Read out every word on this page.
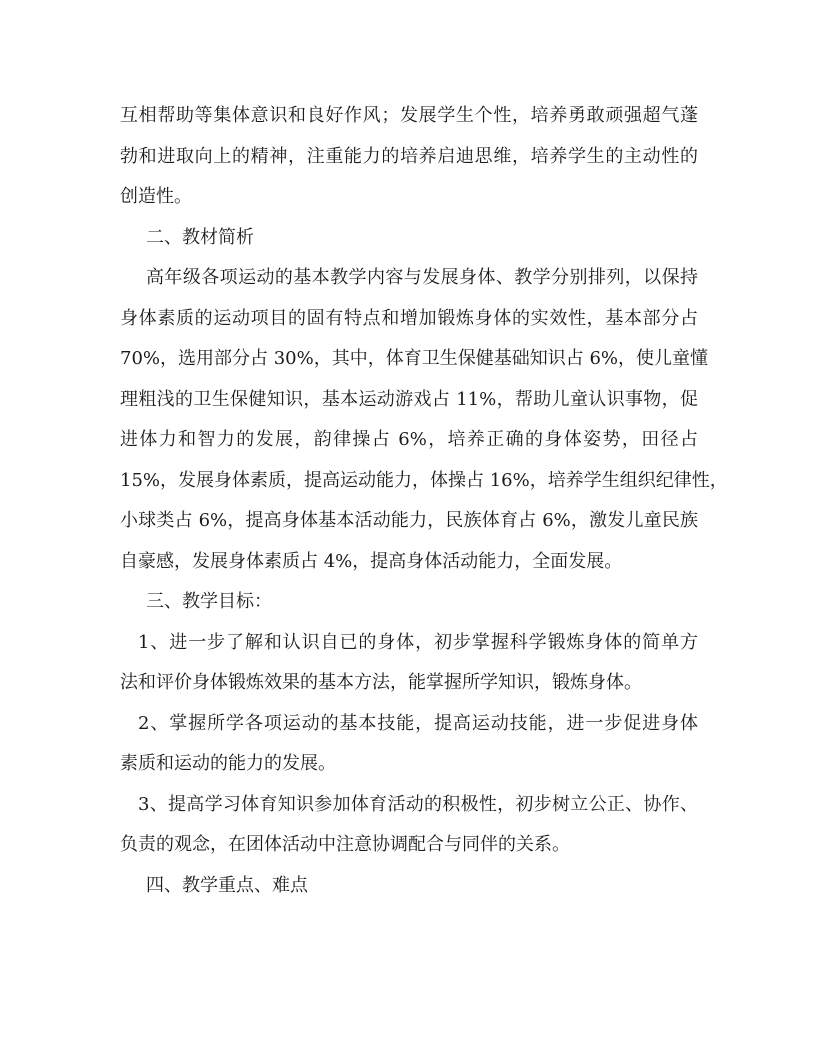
互相帮助等集体意识和良好作风；发展学生个性，培养勇敢顽强超气蓬
勃和进取向上的精神，注重能力的培养启迪思维，培养学生的主动性的
创造性。
二、教材简析
高年级各项运动的基本教学内容与发展身体、教学分别排列，以保持
身体素质的运动项目的固有特点和增加锻炼身体的实效性，基本部分占
70%，选用部分占 30%，其中，体育卫生保健基础知识占 6%，使儿童懂
理粗浅的卫生保健知识，基本运动游戏占 11%，帮助儿童认识事物，促
进体力和智力的发展，韵律操占 6%，培养正确的身体姿势，田径占
15%，发展身体素质，提高运动能力，体操占 16%，培养学生组织纪律性，
小球类占 6%，提高身体基本活动能力，民族体育占 6%，激发儿童民族
自豪感，发展身体素质占 4%，提高身体活动能力，全面发展。
三、教学目标：
1、进一步了解和认识自已的身体，初步掌握科学锻炼身体的简单方
法和评价身体锻炼效果的基本方法，能掌握所学知识，锻炼身体。
2、掌握所学各项运动的基本技能，提高运动技能，进一步促进身体
素质和运动的能力的发展。
3、提高学习体育知识参加体育活动的积极性，初步树立公正、协作、
负责的观念，在团体活动中注意协调配合与同伴的关系。
四、教学重点、难点
